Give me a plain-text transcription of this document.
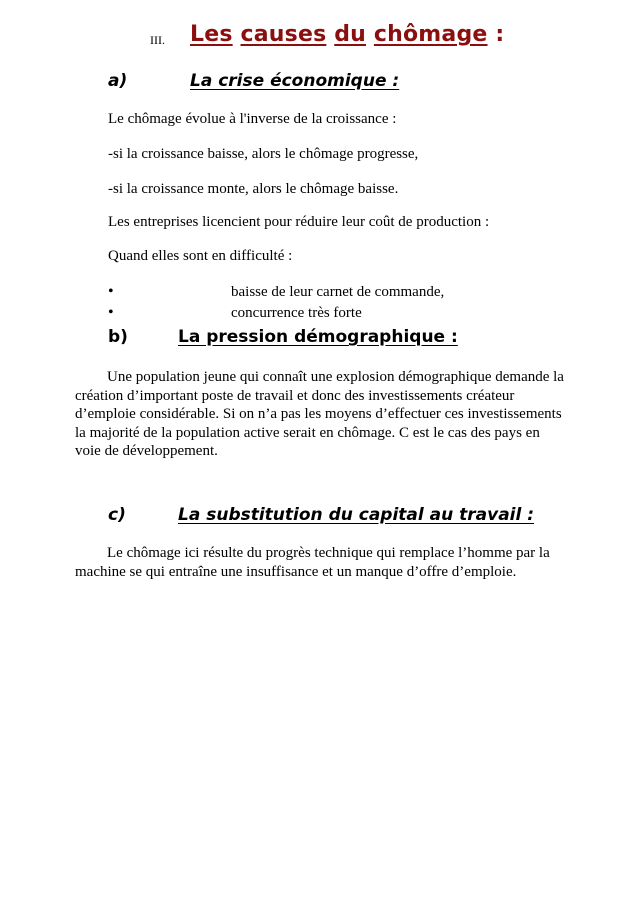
III. Les causes du chômage :
a)	La crise économique :
Le chômage évolue à l'inverse de la croissance :
-si la croissance baisse, alors le chômage progresse,
-si la croissance monte, alors le chômage baisse.
Les entreprises licencient pour réduire leur coût de production :
Quand elles sont en difficulté :
•	baisse de leur carnet de commande,
•	concurrence très forte
b)	La pression démographique :
Une population jeune qui connaît une explosion démographique demande la création d’important poste de travail et donc des investissements créateur d’emploie considérable. Si on n’a pas les moyens d’effectuer ces investissements la majorité de la population active serait en chômage. C est le cas des pays en voie de développement.
c)	La substitution du capital au travail :
Le chômage ici résulte du progrès technique qui remplace l’homme par la machine se qui entraîne une insuffisance et un manque d’offre d’emploie.
